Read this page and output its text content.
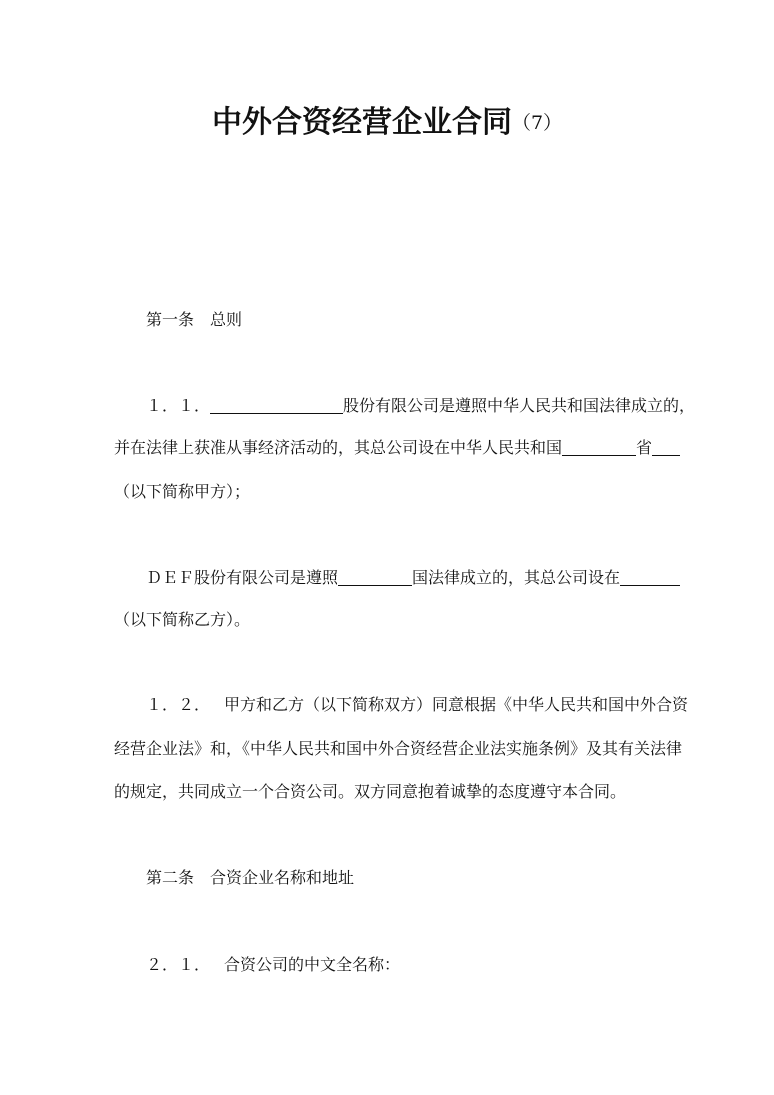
中外合资经营企业合同（7）
第一条　总则
１．１．	股份有限公司是遵照中华人民共和国法律成立的，
并在法律上获准从事经济活动的，其总公司设在中华人民共和国	省
（以下简称甲方）；
ＤＥＦ股份有限公司是遵照	国法律成立的，其总公司设在
（以下简称乙方）。
１．２． 甲方和乙方（以下简称双方）同意根据《中华人民共和国中外合资
经营企业法》和，《中华人民共和国中外合资经营企业法实施条例》及其有关法律
的规定，共同成立一个合资公司。双方同意抱着诚挚的态度遵守本合同。
第二条　合资企业名称和地址
２．１． 合资公司的中文全名称：
